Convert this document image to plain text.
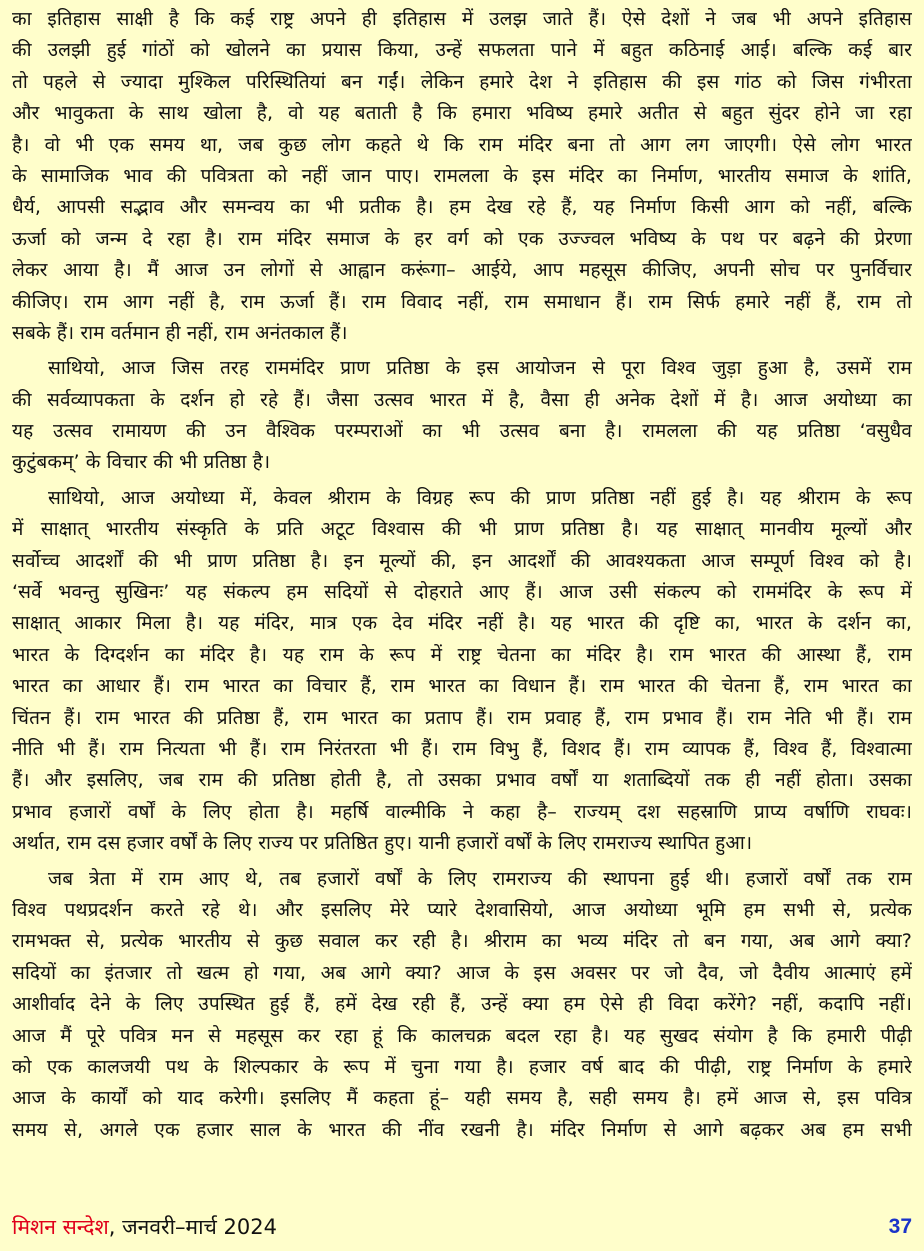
का इतिहास साक्षी है कि कई राष्ट्र अपने ही इतिहास में उलझ जाते हैं। ऐसे देशों ने जब भी अपने इतिहास
की उलझी हुई गांठों को खोलने का प्रयास किया, उन्हें सफलता पाने में बहुत कठिनाई आई। बल्कि कई बार
तो पहले से ज्यादा मुश्किल परिस्थितियां बन गईं। लेकिन हमारे देश ने इतिहास की इस गांठ को जिस गंभीरता
और भावुकता के साथ खोला है, वो यह बताती है कि हमारा भविष्य हमारे अतीत से बहुत सुंदर होने जा रहा
है। वो भी एक समय था, जब कुछ लोग कहते थे कि राम मंदिर बना तो आग लग जाएगी। ऐसे लोग भारत
के सामाजिक भाव की पवित्रता को नहीं जान पाए। रामलला के इस मंदिर का निर्माण, भारतीय समाज के शांति,
धैर्य, आपसी सद्भाव और समन्वय का भी प्रतीक है। हम देख रहे हैं, यह निर्माण किसी आग को नहीं, बल्कि
ऊर्जा को जन्म दे रहा है। राम मंदिर समाज के हर वर्ग को एक उज्ज्वल भविष्य के पथ पर बढ़ने की प्रेरणा
लेकर आया है। मैं आज उन लोगों से आह्वान करूंगा– आईये, आप महसूस कीजिए, अपनी सोच पर पुनर्विचार
कीजिए। राम आग नहीं है, राम ऊर्जा हैं। राम विवाद नहीं, राम समाधान हैं। राम सिर्फ हमारे नहीं हैं, राम तो
सबके हैं। राम वर्तमान ही नहीं, राम अनंतकाल हैं।
साथियो, आज जिस तरह राममंदिर प्राण प्रतिष्ठा के इस आयोजन से पूरा विश्व जुड़ा हुआ है, उसमें राम
की सर्वव्यापकता के दर्शन हो रहे हैं। जैसा उत्सव भारत में है, वैसा ही अनेक देशों में है। आज अयोध्या का
यह उत्सव रामायण की उन वैश्विक परम्पराओं का भी उत्सव बना है। रामलला की यह प्रतिष्ठा ‘वसुधैव
कुटुंबकम्’ के विचार की भी प्रतिष्ठा है।
साथियो, आज अयोध्या में, केवल श्रीराम के विग्रह रूप की प्राण प्रतिष्ठा नहीं हुई है। यह श्रीराम के रूप
में साक्षात् भारतीय संस्कृति के प्रति अटूट विश्वास की भी प्राण प्रतिष्ठा है। यह साक्षात् मानवीय मूल्यों और
सर्वोच्च आदर्शों की भी प्राण प्रतिष्ठा है। इन मूल्यों की, इन आदर्शों की आवश्यकता आज सम्पूर्ण विश्व को है।
‘सर्वे भवन्तु सुखिनः’ यह संकल्प हम सदियों से दोहराते आए हैं। आज उसी संकल्प को राममंदिर के रूप में
साक्षात् आकार मिला है। यह मंदिर, मात्र एक देव मंदिर नहीं है। यह भारत की दृष्टि का, भारत के दर्शन का,
भारत के दिग्दर्शन का मंदिर है। यह राम के रूप में राष्ट्र चेतना का मंदिर है। राम भारत की आस्था हैं, राम
भारत का आधार हैं। राम भारत का विचार हैं, राम भारत का विधान हैं। राम भारत की चेतना हैं, राम भारत का
चिंतन हैं। राम भारत की प्रतिष्ठा हैं, राम भारत का प्रताप हैं। राम प्रवाह हैं, राम प्रभाव हैं। राम नेति भी हैं। राम
नीति भी हैं। राम नित्यता भी हैं। राम निरंतरता भी हैं। राम विभु हैं, विशद हैं। राम व्यापक हैं, विश्व हैं, विश्वात्मा
हैं। और इसलिए, जब राम की प्रतिष्ठा होती है, तो उसका प्रभाव वर्षों या शताब्दियों तक ही नहीं होता। उसका
प्रभाव हजारों वर्षों के लिए होता है। महर्षि वाल्मीकि ने कहा है– राज्यम् दश सहस्राणि प्राप्य वर्षाणि राघवः।
अर्थात, राम दस हजार वर्षों के लिए राज्य पर प्रतिष्ठित हुए। यानी हजारों वर्षों के लिए रामराज्य स्थापित हुआ।
जब त्रेता में राम आए थे, तब हजारों वर्षों के लिए रामराज्य की स्थापना हुई थी। हजारों वर्षों तक राम
विश्व पथप्रदर्शन करते रहे थे। और इसलिए मेरे प्यारे देशवासियो, आज अयोध्या भूमि हम सभी से, प्रत्येक
रामभक्त से, प्रत्येक भारतीय से कुछ सवाल कर रही है। श्रीराम का भव्य मंदिर तो बन गया, अब आगे क्या?
सदियों का इंतजार तो खत्म हो गया, अब आगे क्या? आज के इस अवसर पर जो दैव, जो दैवीय आत्माएं हमें
आशीर्वाद देने के लिए उपस्थित हुई हैं, हमें देख रही हैं, उन्हें क्या हम ऐसे ही विदा करेंगे? नहीं, कदापि नहीं।
आज मैं पूरे पवित्र मन से महसूस कर रहा हूं कि कालचक्र बदल रहा है। यह सुखद संयोग है कि हमारी पीढ़ी
को एक कालजयी पथ के शिल्पकार के रूप में चुना गया है। हजार वर्ष बाद की पीढ़ी, राष्ट्र निर्माण के हमारे
आज के कार्यों को याद करेगी। इसलिए मैं कहता हूं– यही समय है, सही समय है। हमें आज से, इस पवित्र
समय से, अगले एक हजार साल के भारत की नींव रखनी है। मंदिर निर्माण से आगे बढ़कर अब हम सभी
मिशन सन्देश, जनवरी–मार्च 2024	37
